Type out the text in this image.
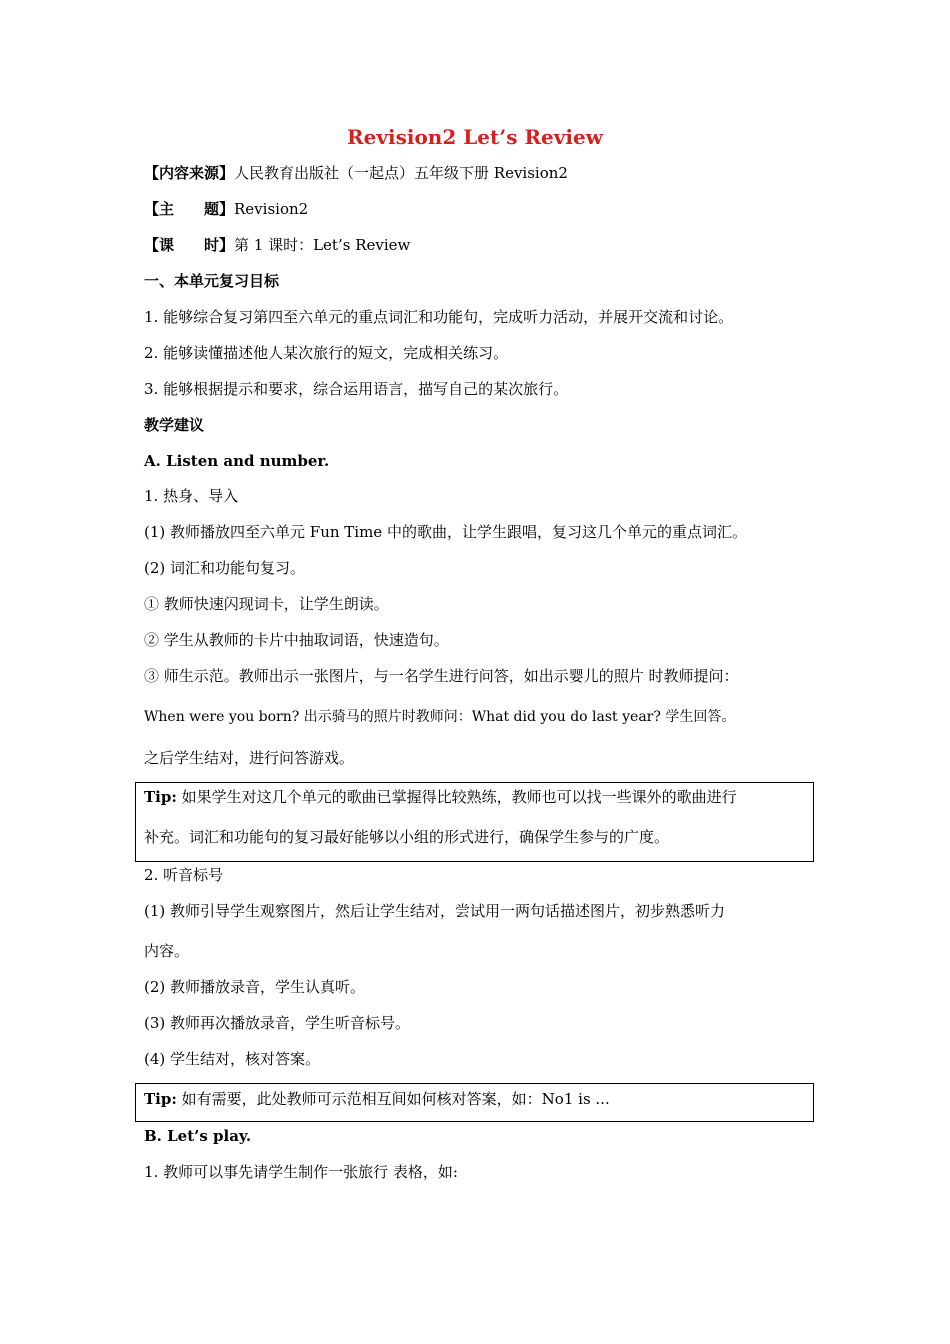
Revision2 Let’s Review
【内容来源】人民教育出版社（一起点）五年级下册 Revision2
【主　　题】Revision2
【课　　时】第 1 课时：Let’s Review
一、本单元复习目标
1. 能够综合复习第四至六单元的重点词汇和功能句，完成听力活动，并展开交流和讨论。
2. 能够读懂描述他人某次旅行的短文，完成相关练习。
3. 能够根据提示和要求，综合运用语言，描写自己的某次旅行。
教学建议
A. Listen and number.
1. 热身、导入
(1) 教师播放四至六单元 Fun Time 中的歌曲，让学生跟唱，复习这几个单元的重点词汇。
(2) 词汇和功能句复习。
① 教师快速闪现词卡，让学生朗读。
② 学生从教师的卡片中抽取词语，快速造句。
③ 师生示范。教师出示一张图片，与一名学生进行问答，如出示婴儿的照片 时教师提问：
When were you born? 出示骑马的照片时教师问：What did you do last year? 学生回答。
之后学生结对，进行问答游戏。
Tip: 如果学生对这几个单元的歌曲已掌握得比较熟练，教师也可以找一些课外的歌曲进行
补充。词汇和功能句的复习最好能够以小组的形式进行，确保学生参与的广度。
2. 听音标号
(1) 教师引导学生观察图片，然后让学生结对，尝试用一两句话描述图片，初步熟悉听力
内容。
(2) 教师播放录音，学生认真听。
(3) 教师再次播放录音，学生听音标号。
(4) 学生结对，核对答案。
Tip: 如有需要，此处教师可示范相互间如何核对答案，如：No1 is ...
B. Let’s play.
1. 教师可以事先请学生制作一张旅行 表格，如:
